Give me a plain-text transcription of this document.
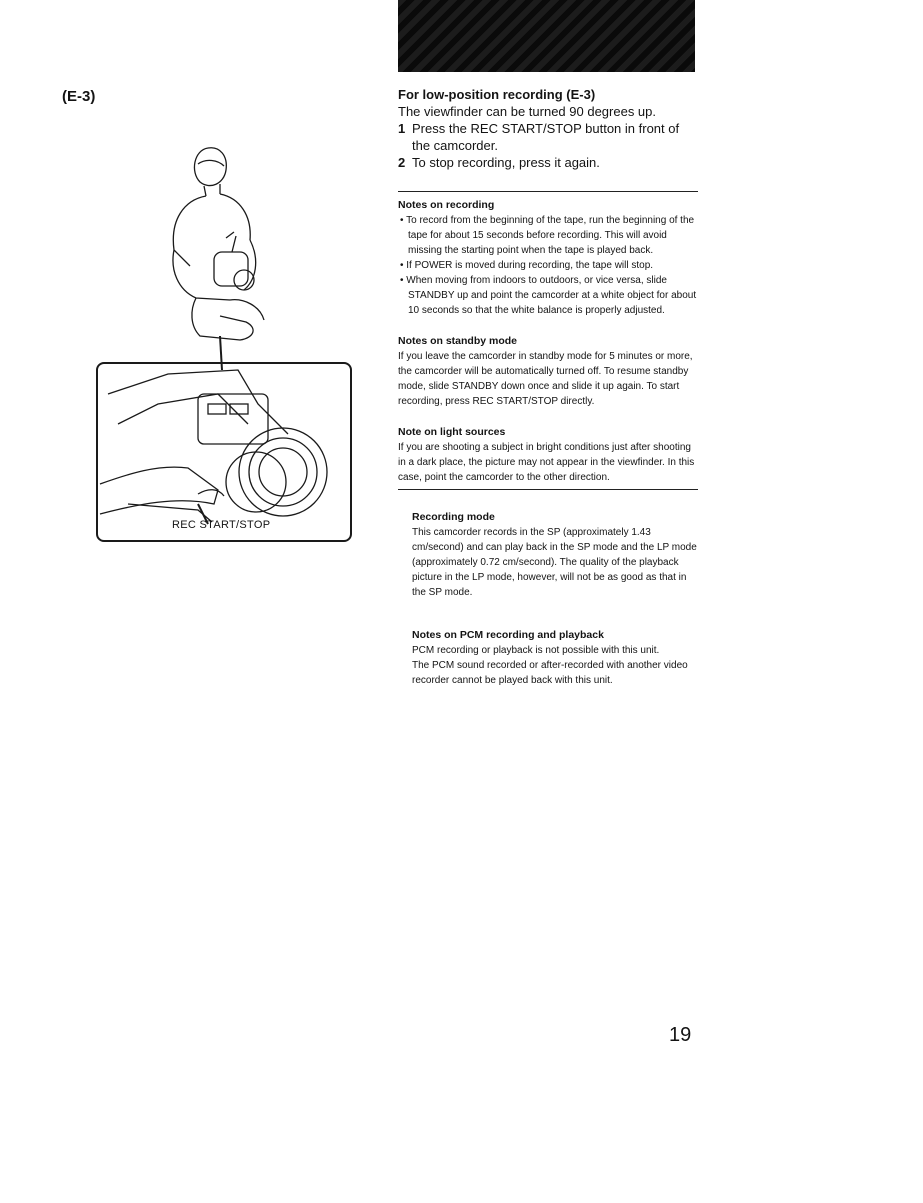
(E-3)
REC START/STOP

For low-position recording (E-3)

The viewfinder can be turned 90 degrees up.

1 Press the REC START/STOP button in front of the camcorder.

2 To stop recording, press it again.

Notes on recording

• To record from the beginning of the tape, run the beginning of the tape for about 15 seconds before recording. This will avoid missing the starting point when the tape is played back.

• If POWER is moved during recording, the tape will stop.

• When moving from indoors to outdoors, or vice versa, slide STANDBY up and point the camcorder at a white object for about 10 seconds so that the white balance is properly adjusted.

Notes on standby mode

If you leave the camcorder in standby mode for 5 minutes or more, the camcorder will be automatically turned off. To resume standby mode, slide STANDBY down once and slide it up again. To start recording, press REC START/STOP directly.

Note on light sources

If you are shooting a subject in bright conditions just after shooting in a dark place, the picture may not appear in the viewfinder. In this case, point the camcorder to the other direction.

Recording mode

This camcorder records in the SP (approximately 1.43 cm/second) and can play back in the SP mode and the LP mode (approximately 0.72 cm/second). The quality of the playback picture in the LP mode, however, will not be as good as that in the SP mode.

Notes on PCM recording and playback

PCM recording or playback is not possible with this unit.

The PCM sound recorded or after-recorded with another video recorder cannot be played back with this unit.

19
